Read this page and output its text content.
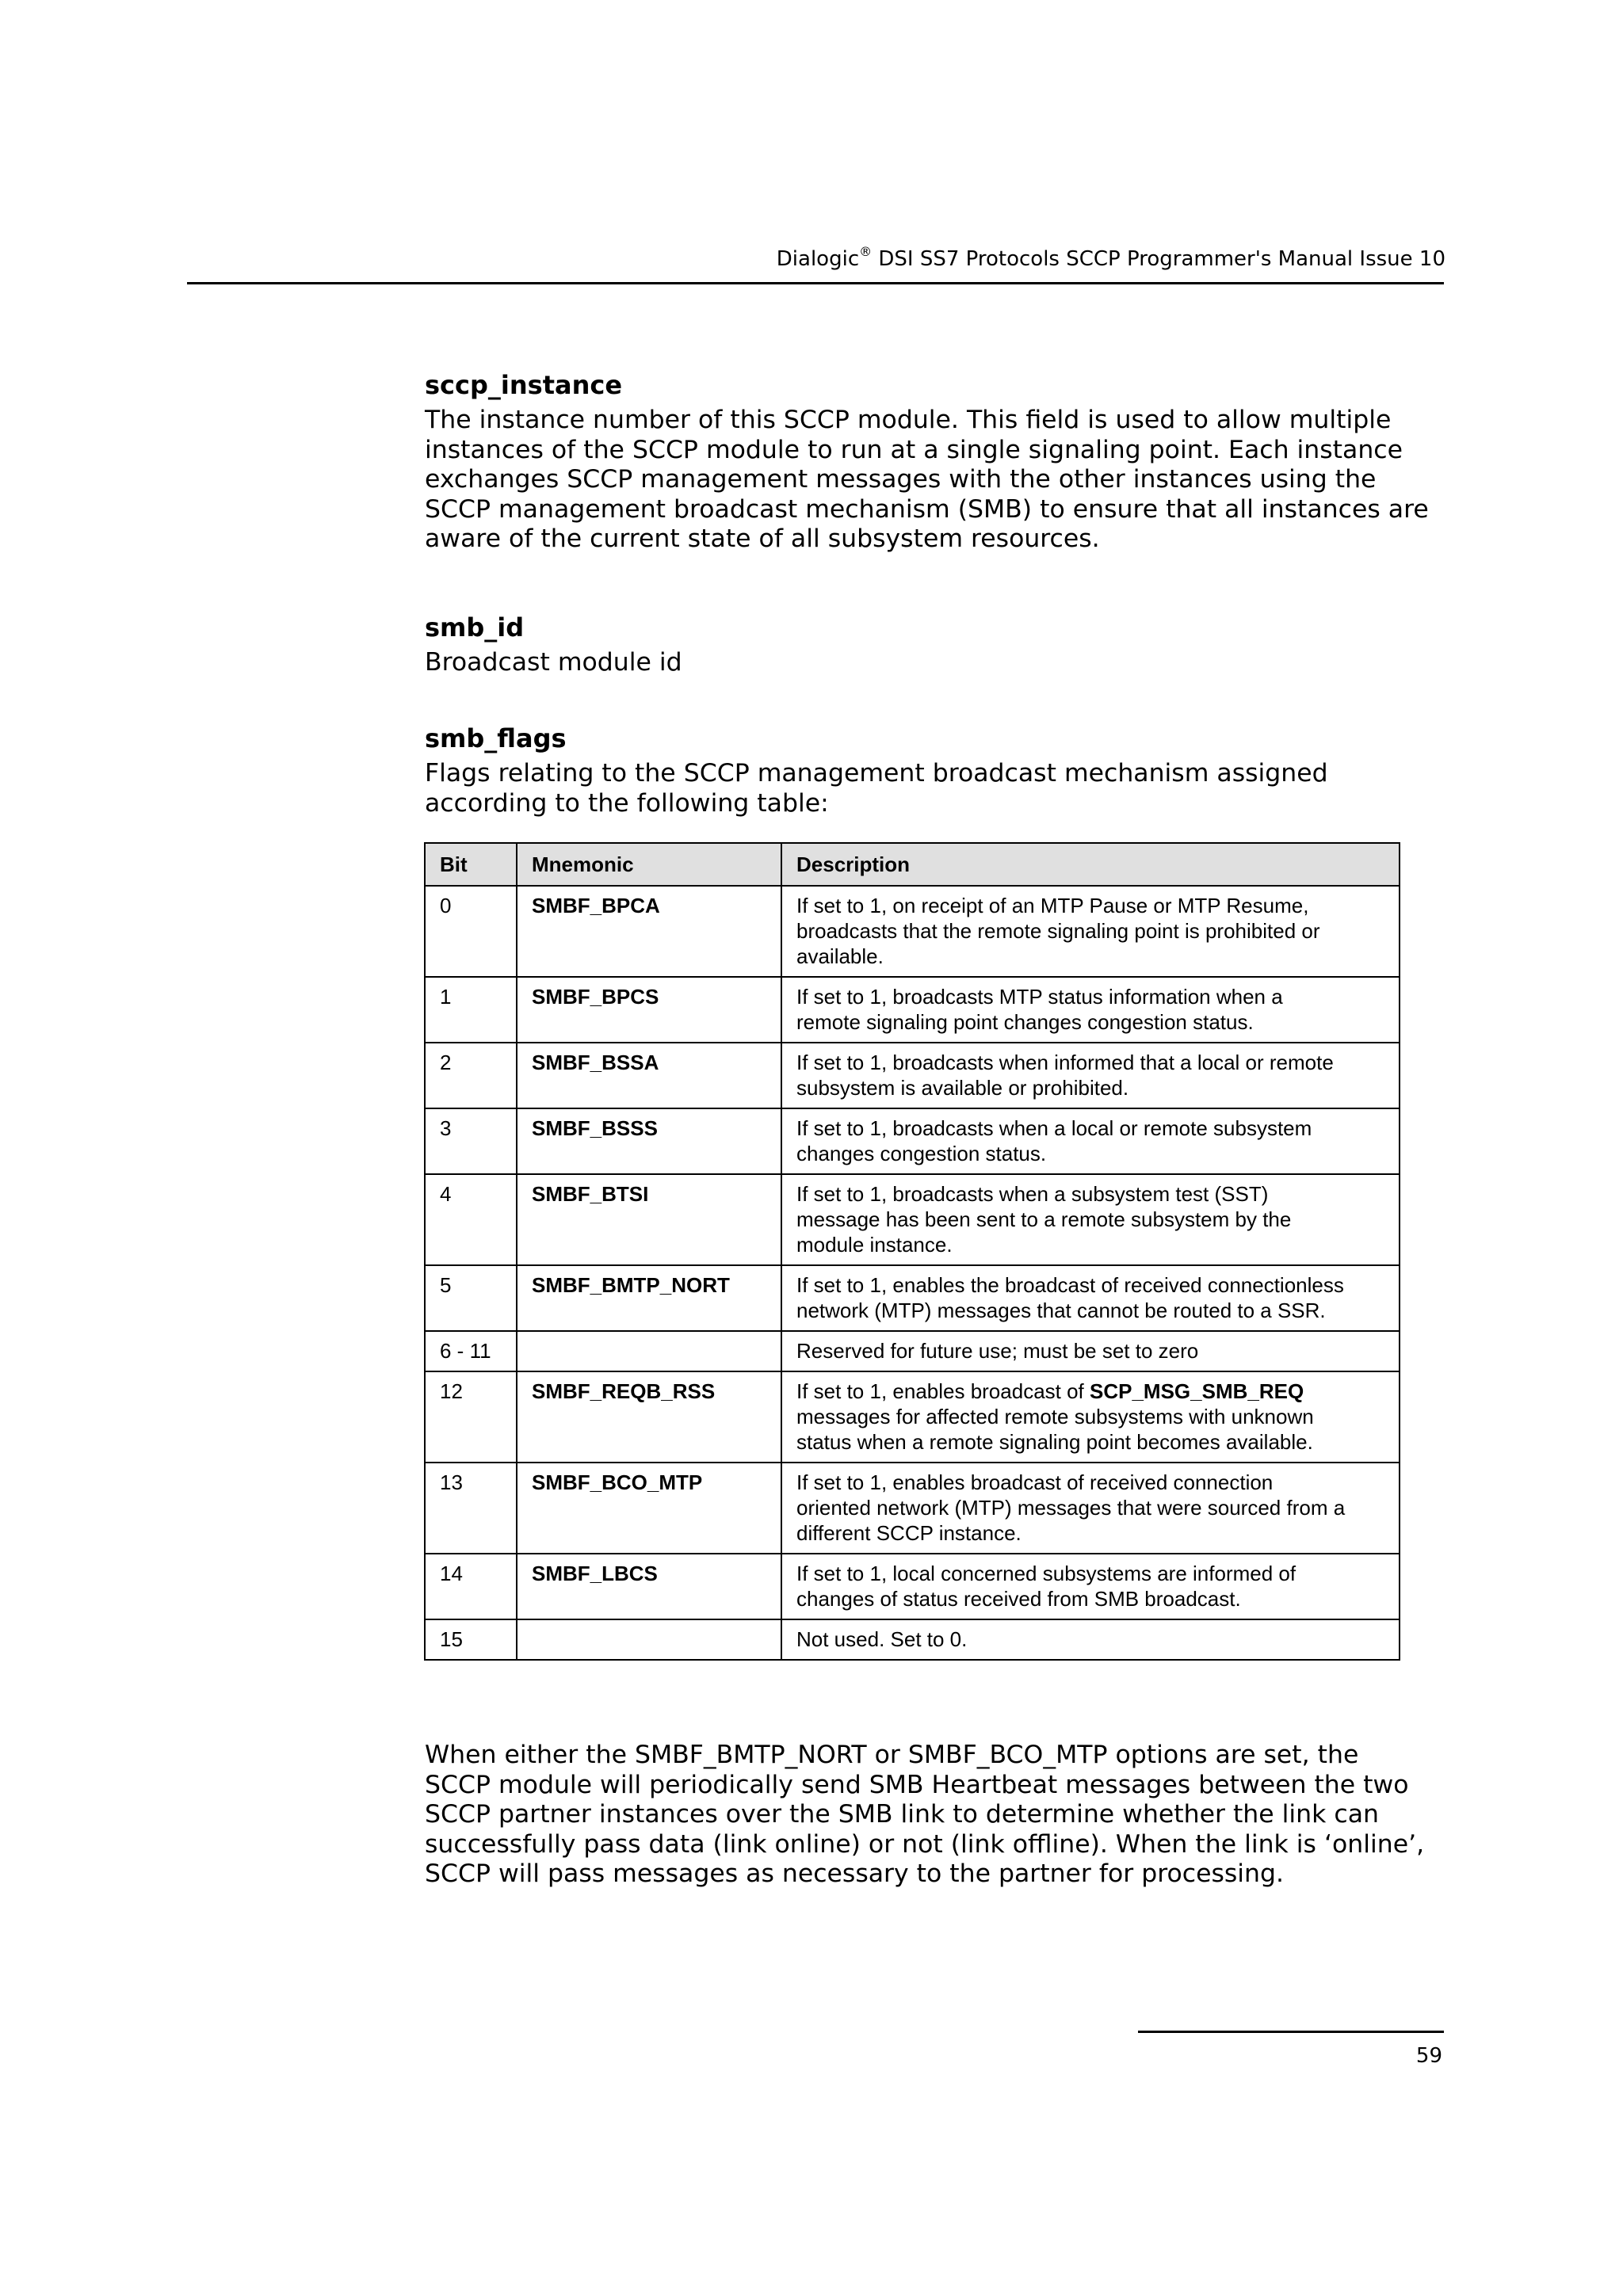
Dialogic® DSI SS7 Protocols SCCP Programmer's Manual Issue 10
sccp_instance

The instance number of this SCCP module. This field is used to allow multiple
instances of the SCCP module to run at a single signaling point. Each instance
exchanges SCCP management messages with the other instances using the
SCCP management broadcast mechanism (SMB) to ensure that all instances are
aware of the current state of all subsystem resources.

smb_id

Broadcast module id

smb_flags

Flags relating to the SCCP management broadcast mechanism assigned
according to the following table:

Bit	Mnemonic	Description
0	SMBF_BPCA	If set to 1, on receipt of an MTP Pause or MTP Resume,
broadcasts that the remote signaling point is prohibited or
available.
1	SMBF_BPCS	If set to 1, broadcasts MTP status information when a
remote signaling point changes congestion status.
2	SMBF_BSSA	If set to 1, broadcasts when informed that a local or remote
subsystem is available or prohibited.
3	SMBF_BSSS	If set to 1, broadcasts when a local or remote subsystem
changes congestion status.
4	SMBF_BTSI	If set to 1, broadcasts when a subsystem test (SST)
message has been sent to a remote subsystem by the
module instance.
5	SMBF_BMTP_NORT	If set to 1, enables the broadcast of received connectionless
network (MTP) messages that cannot be routed to a SSR.
6 - 11		Reserved for future use; must be set to zero
12	SMBF_REQB_RSS	If set to 1, enables broadcast of SCP_MSG_SMB_REQ
messages for affected remote subsystems with unknown
status when a remote signaling point becomes available.
13	SMBF_BCO_MTP	If set to 1, enables broadcast of received connection
oriented network (MTP) messages that were sourced from a
different SCCP instance.
14	SMBF_LBCS	If set to 1, local concerned subsystems are informed of
changes of status received from SMB broadcast.
15		Not used. Set to 0.

When either the SMBF_BMTP_NORT or SMBF_BCO_MTP options are set, the
SCCP module will periodically send SMB Heartbeat messages between the two
SCCP partner instances over the SMB link to determine whether the link can
successfully pass data (link online) or not (link offline). When the link is ‘online’,
SCCP will pass messages as necessary to the partner for processing.

59
